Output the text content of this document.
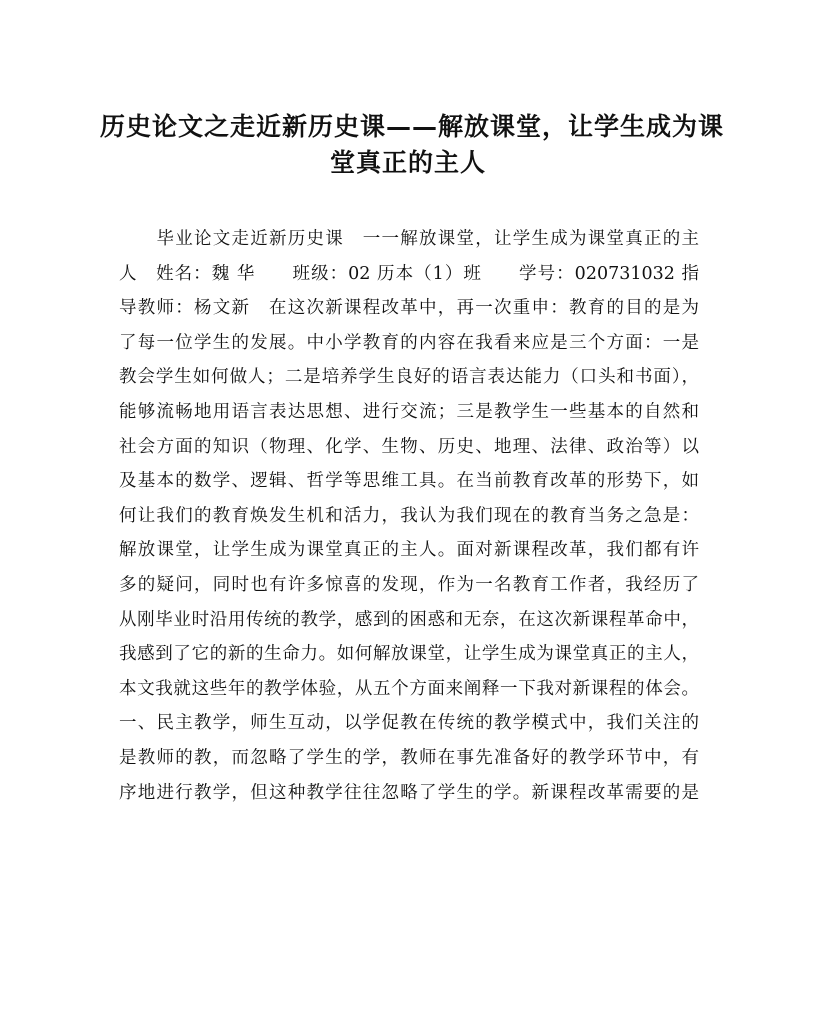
历史论文之走近新历史课——解放课堂，让学生成为课
堂真正的主人
　　毕业论文走近新历史课　一一解放课堂，让学生成为课堂真正的主
人　姓名：魏 华　　班级：02 历本（1）班　　学号：020731032 指
导教师：杨文新　在这次新课程改革中，再一次重申：教育的目的是为
了每一位学生的发展。中小学教育的内容在我看来应是三个方面：一是
教会学生如何做人；二是培养学生良好的语言表达能力（口头和书面），
能够流畅地用语言表达思想、进行交流；三是教学生一些基本的自然和
社会方面的知识（物理、化学、生物、历史、地理、法律、政治等）以
及基本的数学、逻辑、哲学等思维工具。在当前教育改革的形势下，如
何让我们的教育焕发生机和活力，我认为我们现在的教育当务之急是：
解放课堂，让学生成为课堂真正的主人。面对新课程改革，我们都有许
多的疑问，同时也有许多惊喜的发现，作为一名教育工作者，我经历了
从刚毕业时沿用传统的教学，感到的困惑和无奈，在这次新课程革命中，
我感到了它的新的生命力。如何解放课堂，让学生成为课堂真正的主人，
本文我就这些年的教学体验，从五个方面来阐释一下我对新课程的体会。
一、民主教学，师生互动，以学促教在传统的教学模式中，我们关注的
是教师的教，而忽略了学生的学，教师在事先准备好的教学环节中，有
序地进行教学，但这种教学往往忽略了学生的学。新课程改革需要的是
